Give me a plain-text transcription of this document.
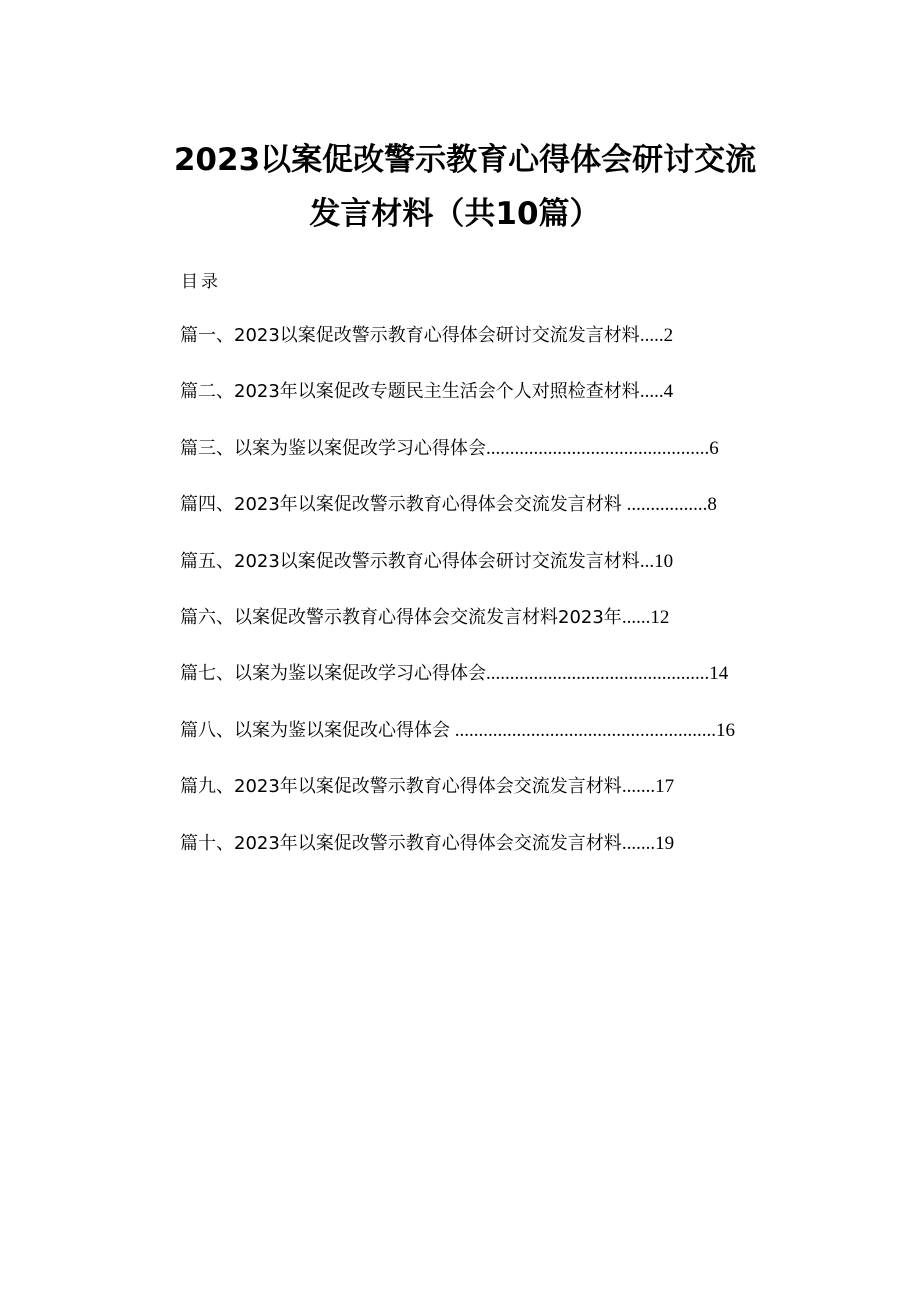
2023以案促改警示教育心得体会研讨交流
发言材料（共10篇）
目录
篇一、2023以案促改警示教育心得体会研讨交流发言材料.....2
篇二、2023年以案促改专题民主生活会个人对照检查材料.....4
篇三、以案为鉴以案促改学习心得体会...............................................6
篇四、2023年以案促改警示教育心得体会交流发言材料 .................8
篇五、2023以案促改警示教育心得体会研讨交流发言材料...10
篇六、以案促改警示教育心得体会交流发言材料2023年......12
篇七、以案为鉴以案促改学习心得体会...............................................14
篇八、以案为鉴以案促改心得体会 .......................................................16
篇九、2023年以案促改警示教育心得体会交流发言材料.......17
篇十、2023年以案促改警示教育心得体会交流发言材料.......19
